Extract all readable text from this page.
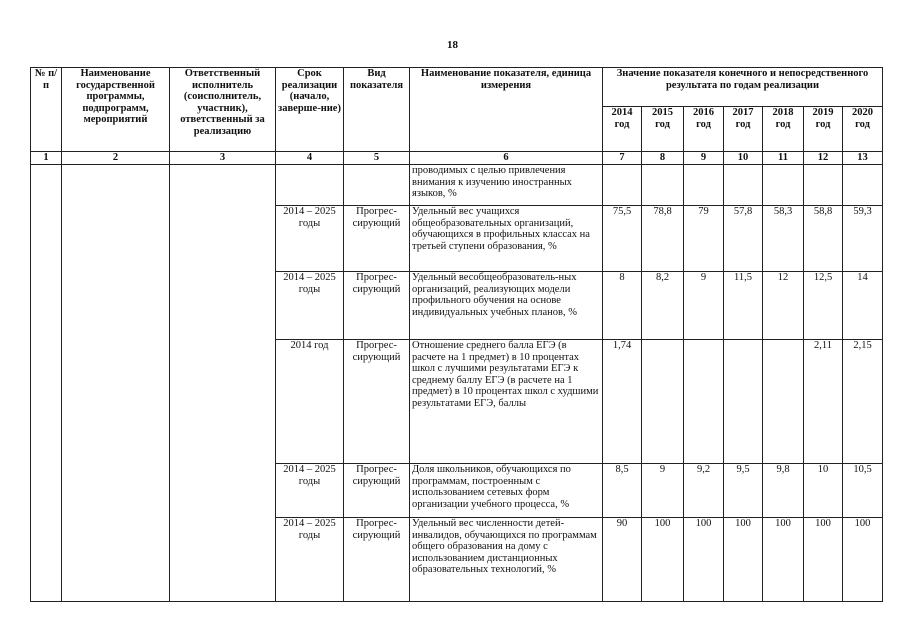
18
№ п/п	Наименование государственной программы, подпрограмм, мероприятий	Ответственный исполнитель (соисполнитель, участник), ответственный за реализацию	Срок реализации (начало, заверше-ние)	Вид показателя	Наименование показателя, единица измерения	Значение показателя конечного и непосредственного результата по годам реализации						
						2014 год	2015 год	2016 год	2017 год	2018 год	2019 год	2020 год
1	2	3	4	5	6	7	8	9	10	11	12	13
					проводимых с целью привлечения внимания к изучению иностранных языков, %							
			2014 – 2025 годы	Прогрес-сирующий	Удельный вес учащихся общеобразовательных организаций, обучающихся в профильных классах на третьей ступени образования, %	75,5	78,8	79	57,8	58,3	58,8	59,3
			2014 – 2025 годы	Прогрес-сирующий	Удельный весобщеобразователь-ных организаций, реализующих модели профильного обучения на основе индивидуальных учебных планов, %	8	8,2	9	11,5	12	12,5	14
			2014 год	Прогрес-сирующий	Отношение среднего балла ЕГЭ (в расчете на 1 предмет) в 10 процентах школ с лучшими результатами ЕГЭ к среднему баллу ЕГЭ (в расчете на 1 предмет) в 10 процентах школ с худшими результатами ЕГЭ, баллы	1,74					2,11	2,15
			2014 – 2025 годы	Прогрес-сирующий	Доля школьников, обучающихся по программам, построенным с использованием сетевых форм организации учебного процесса, %	8,5	9	9,2	9,5	9,8	10	10,5
			2014 – 2025 годы	Прогрес-сирующий	Удельный вес численности детей-инвалидов, обучающихся по программам общего образования на дому с использованием дистанционных образовательных технологий, %	90	100	100	100	100	100	100
